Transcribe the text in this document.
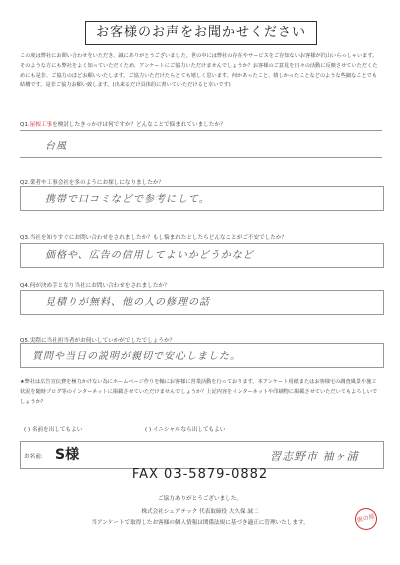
お客様のお声をお聞かせください
この度は弊社にお問い合わせをいただき、誠にありがとうございました。世の中には弊社の存在やサービスをご存知ないお客様が沢山いらっしゃいます。そのような方にも弊社をよく知っていただくため、アンケートにご協力いただけませんでしょうか？お客様のご意見を日々の活動に反映させていただくためにも是非、ご協力のほどお願いいたします。ご協力いただけたらとても嬉しく思います。何かあったこと、嬉しかったことなどのような些細なことでも結構です。是非ご協力お願い致します。(出来るだけ具体的に書いていただけると幸いです)
Q1.屋根工事を検討したきっかけは何ですか？どんなことで悩まれていましたか？
台風
Q2.業者や工事会社を多のようにお探しになりましたか？
携帯で口コミなどで参考にして。
Q3.当社を知りすぐにお問い合わせをされましたか？もし悩まれたとしたらどんなことがご不安でしたか？
価格や、広告の信用してよいかどうかなど
Q4.何が決め手となり当社にお問い合わせをされましたか？
見積りが無料、他の人の修理の話
Q5.実際に当社担当者がお伺いしていかがでしたでしょうか？
質問や当日の説明が親切で安心しました。
★弊社は広告宣伝費を極力かけない為にホームページ作りを軸にお客様に営業活動を行っております。本アンケート用紙またはお客様宅の調査風景や施工状況を随時ブログ等のインターネットに掲載させていただけませんでしょうか？上記内容をインターネットや印刷物に掲載させていただいてもよろしいでしょうか？
( ) 名前を出してもよい	( ) イニシャルなら出してもよい
お名前: S様	習志野市 袖ヶ浦
FAX 03-5879-0882
ご協力ありがとうございました。
株式会社シェアテック 代表取締役 大久保 誠二
当アンケートで取得したお客様の個人情報は関係法規に基づき適正に管理いたします。	街の屋
